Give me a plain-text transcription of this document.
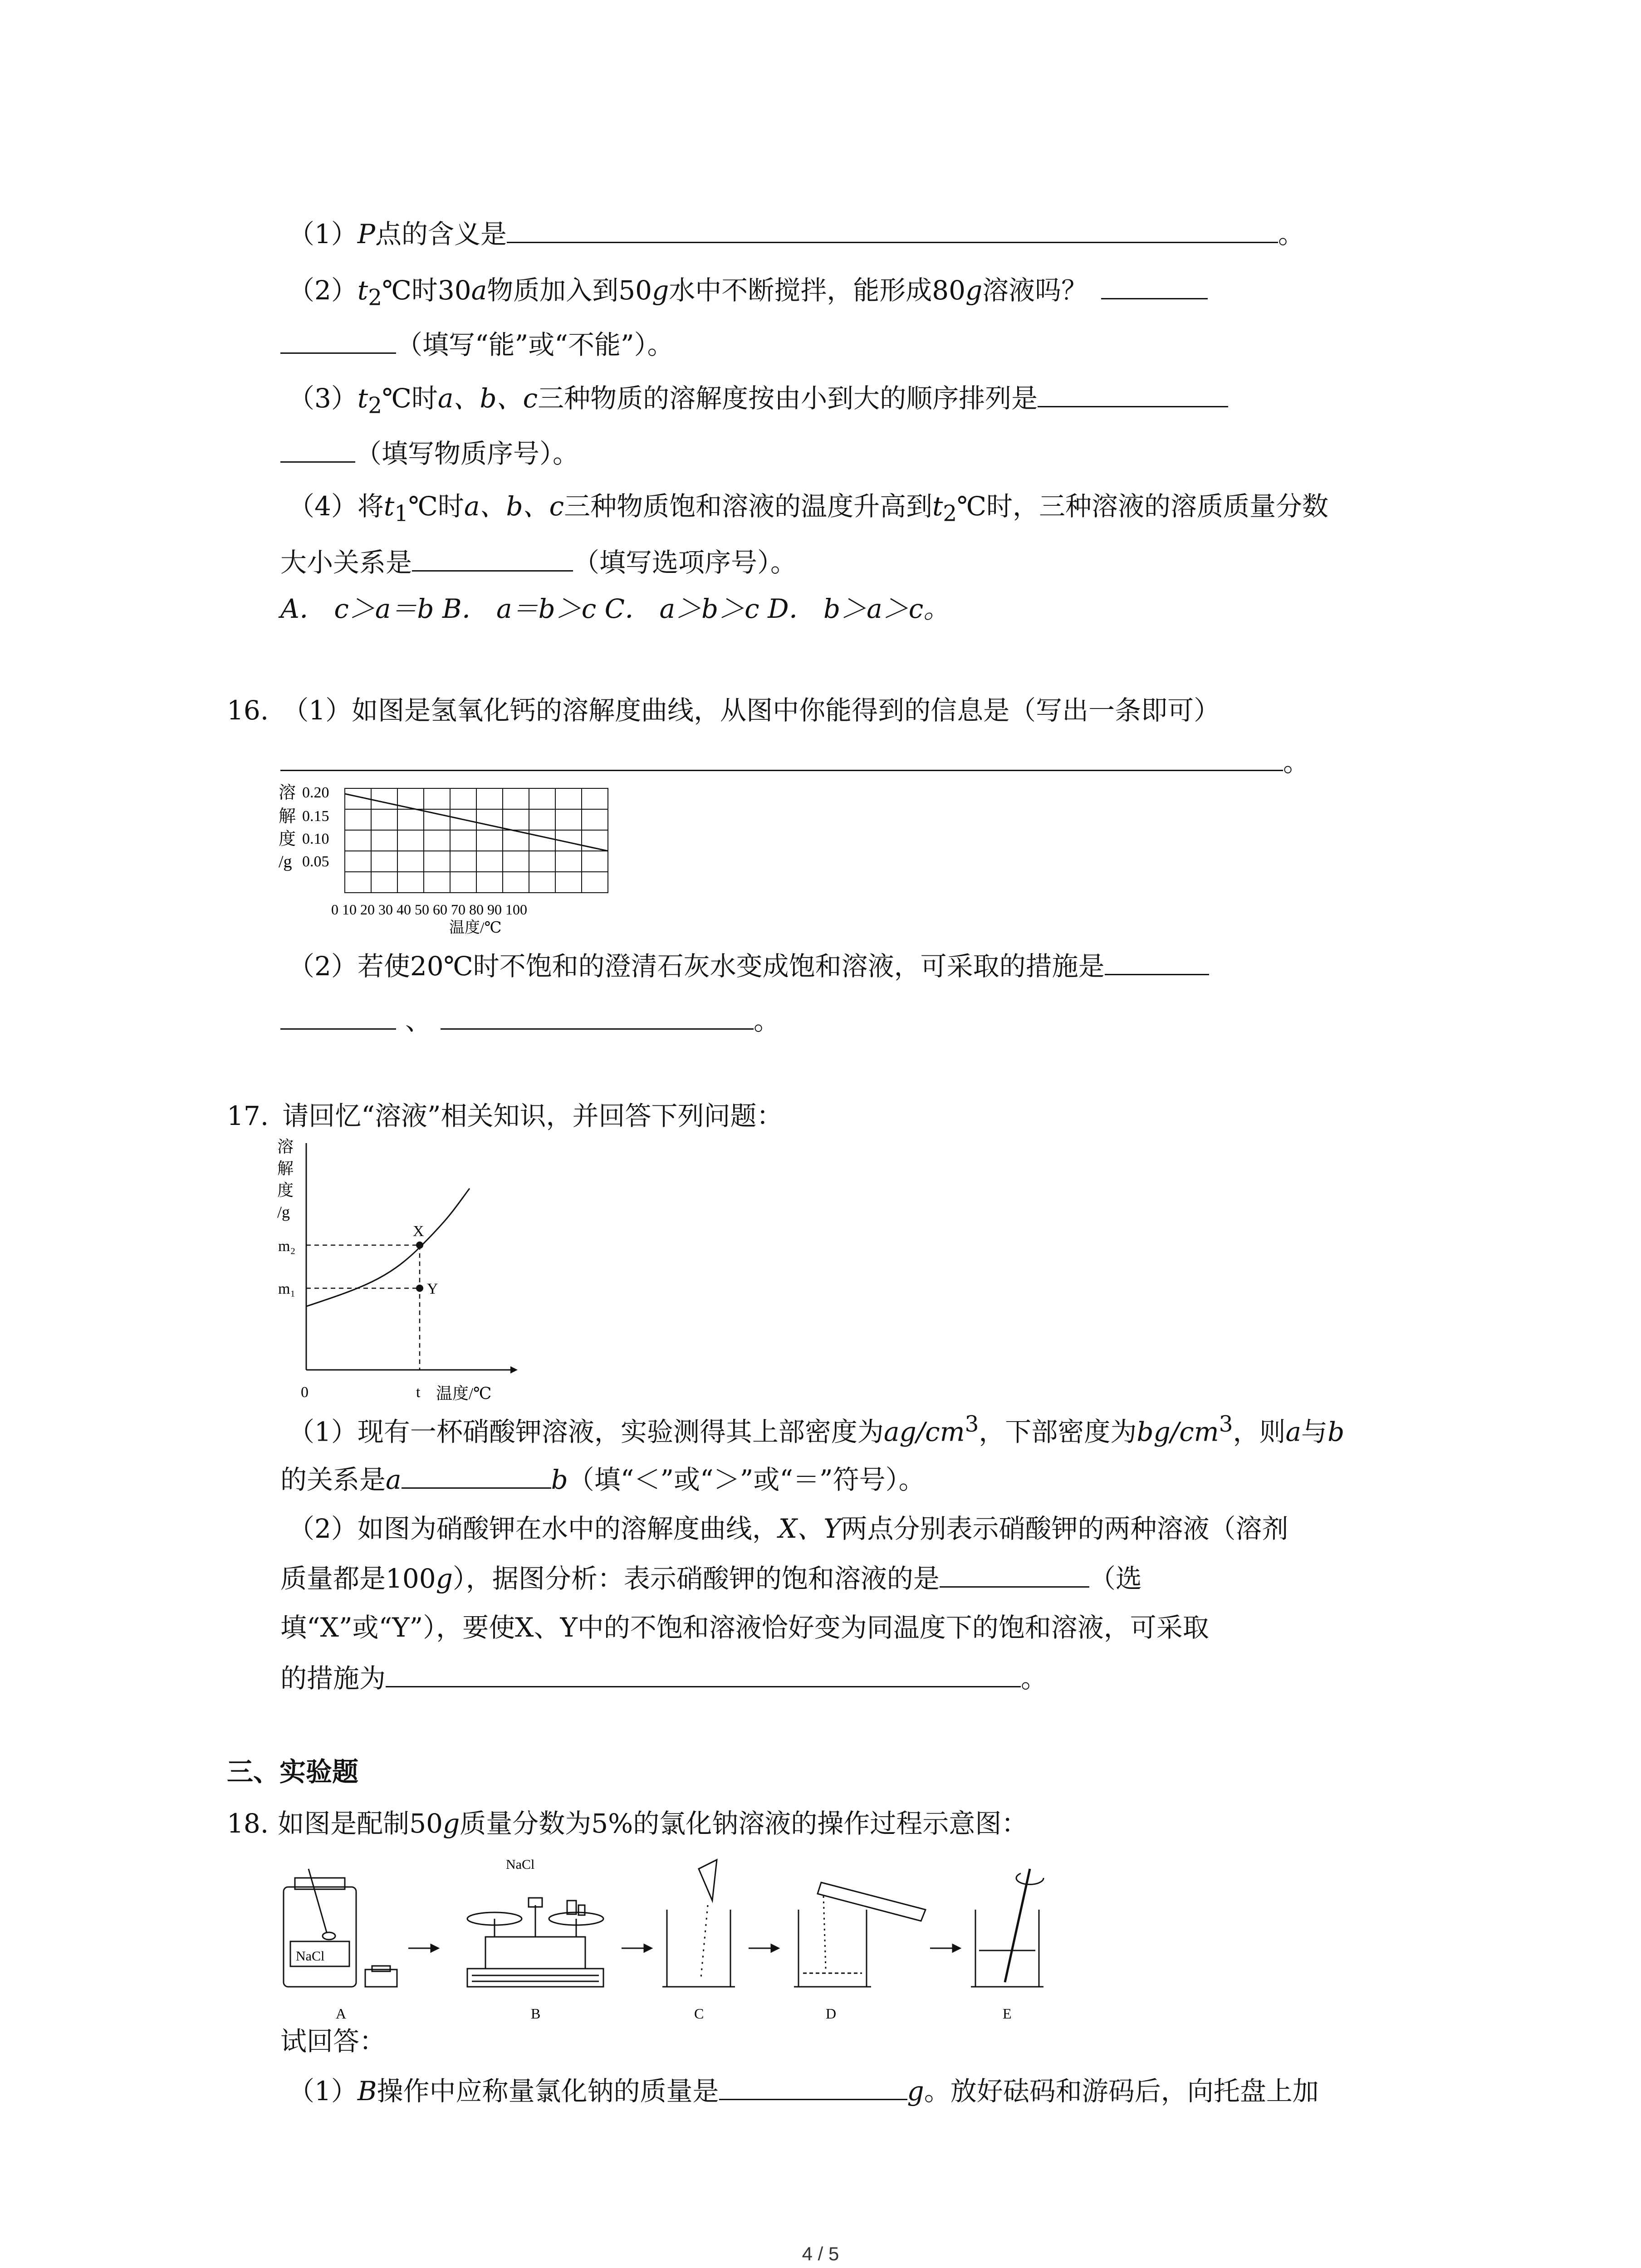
（1）P点的含义是	。
$(2)t_2℃$时30a物质加入到50g水中不断搅拌，能形成80g溶液吗？
（填写“能”或“不能”）。
$(3)t_2℃$时a、b、c三种物质的溶解度按由小到大的顺序排列是
（填写物质序号）。
（4）将$t_1℃$时a、b、c三种物质饱和溶液的温度升高到$t_2℃$时，三种溶液的溶质质量分数
大小关系是	（填写选项序号）。
A． c＞a＝b B． a＝b＞c C． a＞b＞c D． b＞a＞c。
16. （1）如图是氢氧化钙的溶解度曲线，从图中你能得到的信息是（写出一条即可）
。
溶
解
度
/g
0.20
0.15
0.10
0.05
0 10 20 30 40 50 60 70 80 90 100
温度/℃
（2）若使20℃时不饱和的澄清石灰水变成饱和溶液，可采取的措施是
、	。
17. 请回忆“溶液”相关知识，并回答下列问题：
溶
解
度
/g
m₂
m₁
X
Y
0	t 温度/℃
（1）现有一杯硝酸钾溶液，实验测得其上部密度为$ag/cm^3$，下部密度为$bg/cm^3$，则a与b
的关系是a	b（填“＜”或“＞”或“＝”符号）。
（2）如图为硝酸钾在水中的溶解度曲线，X、Y两点分别表示硝酸钾的两种溶液（溶剂
质量都是100g），据图分析：表示硝酸钾的饱和溶液的是	（选
填“X”或“Y”），要使X、Y中的不饱和溶液恰好变为同温度下的饱和溶液，可采取
的措施为	。
三、实验题
18. 如图是配制50g质量分数为5%的氯化钠溶液的操作过程示意图：
NaCl
NaCl
A	B	C	D	E
试回答：
（1）B操作中应称量氯化钠的质量是	g。放好砝码和游码后，向托盘上加
4 / 5
